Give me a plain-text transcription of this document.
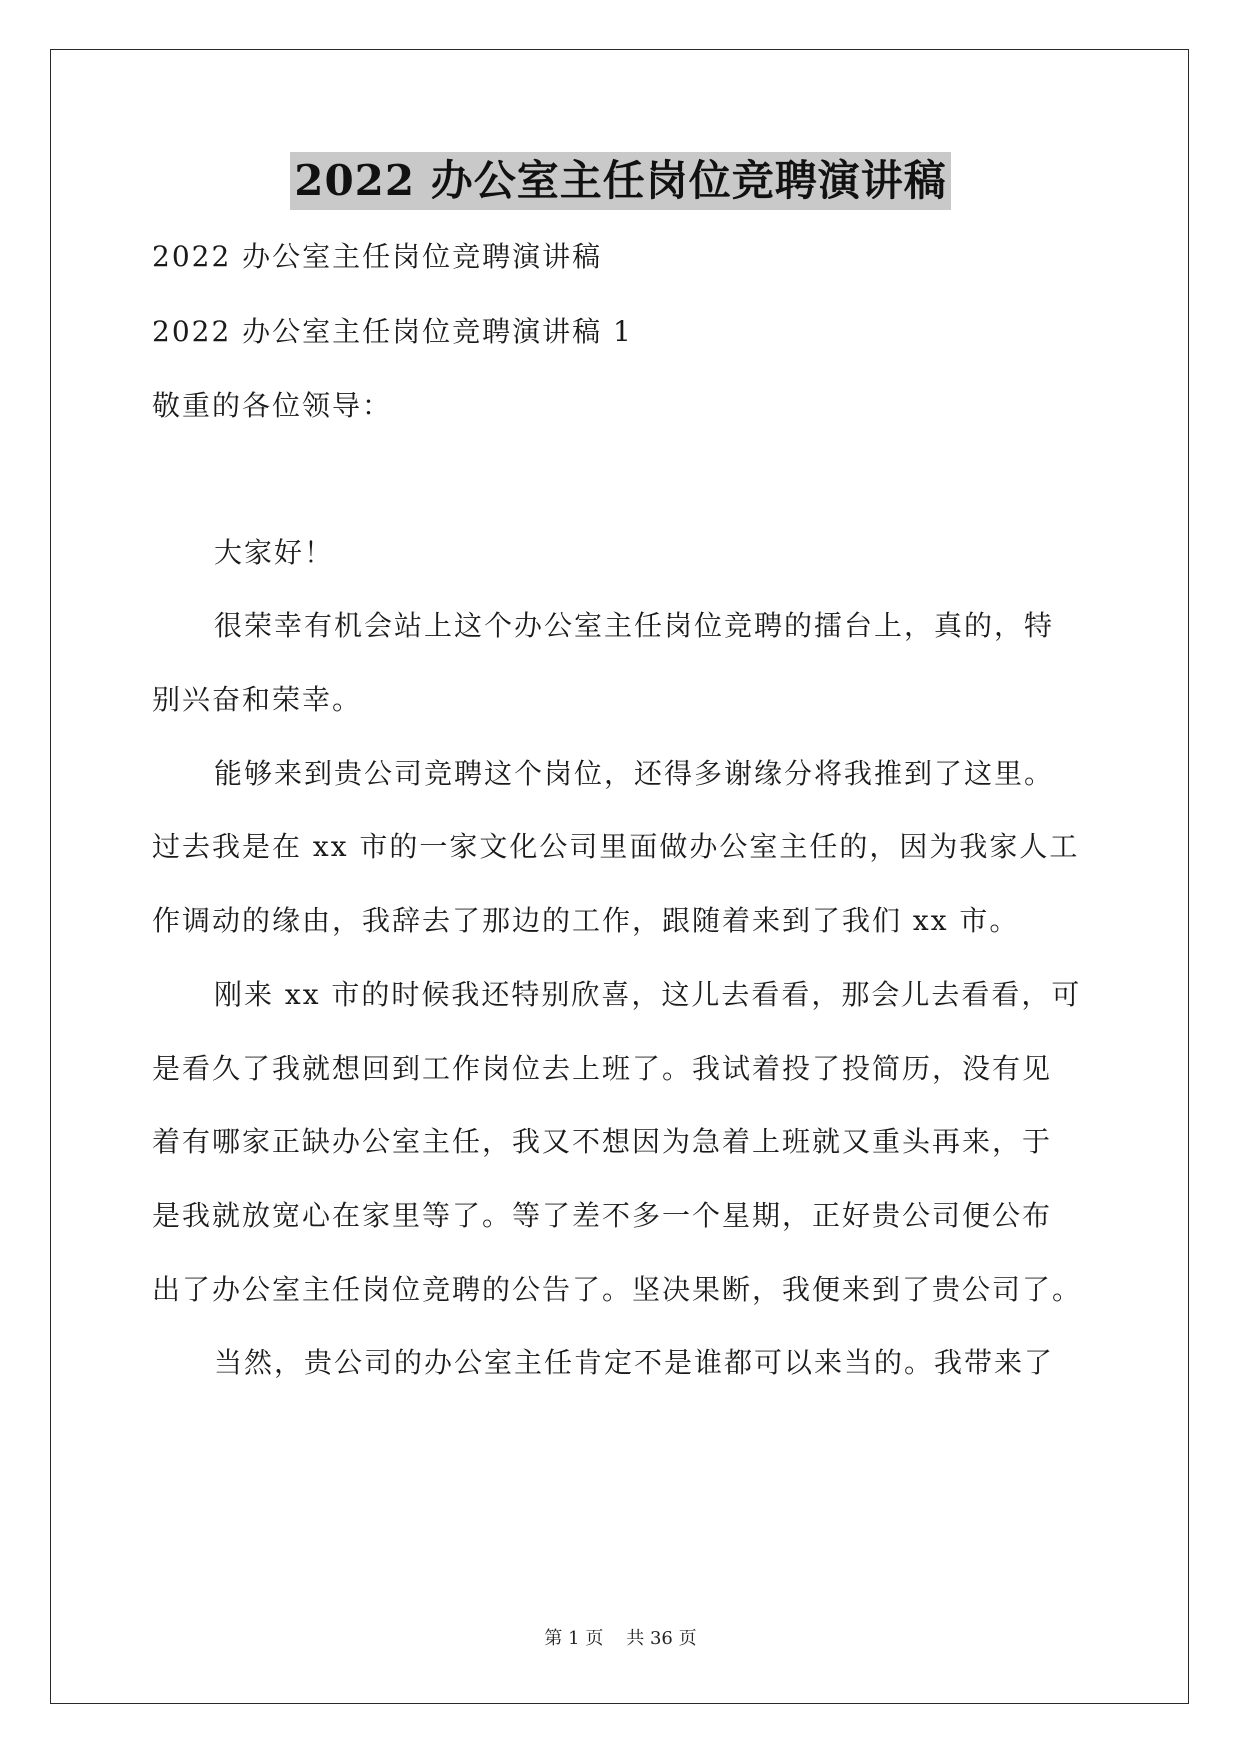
2022 办公室主任岗位竞聘演讲稿
2022 办公室主任岗位竞聘演讲稿
2022 办公室主任岗位竞聘演讲稿 1
敬重的各位领导：
大家好！
很荣幸有机会站上这个办公室主任岗位竞聘的擂台上，真的，特
别兴奋和荣幸。
能够来到贵公司竞聘这个岗位，还得多谢缘分将我推到了这里。
过去我是在 xx 市的一家文化公司里面做办公室主任的，因为我家人工
作调动的缘由，我辞去了那边的工作，跟随着来到了我们 xx 市。
刚来 xx 市的时候我还特别欣喜，这儿去看看，那会儿去看看，可
是看久了我就想回到工作岗位去上班了。我试着投了投简历，没有见
着有哪家正缺办公室主任，我又不想因为急着上班就又重头再来，于
是我就放宽心在家里等了。等了差不多一个星期，正好贵公司便公布
出了办公室主任岗位竞聘的公告了。坚决果断，我便来到了贵公司了。
当然，贵公司的办公室主任肯定不是谁都可以来当的。我带来了
第 1 页 共 36 页
